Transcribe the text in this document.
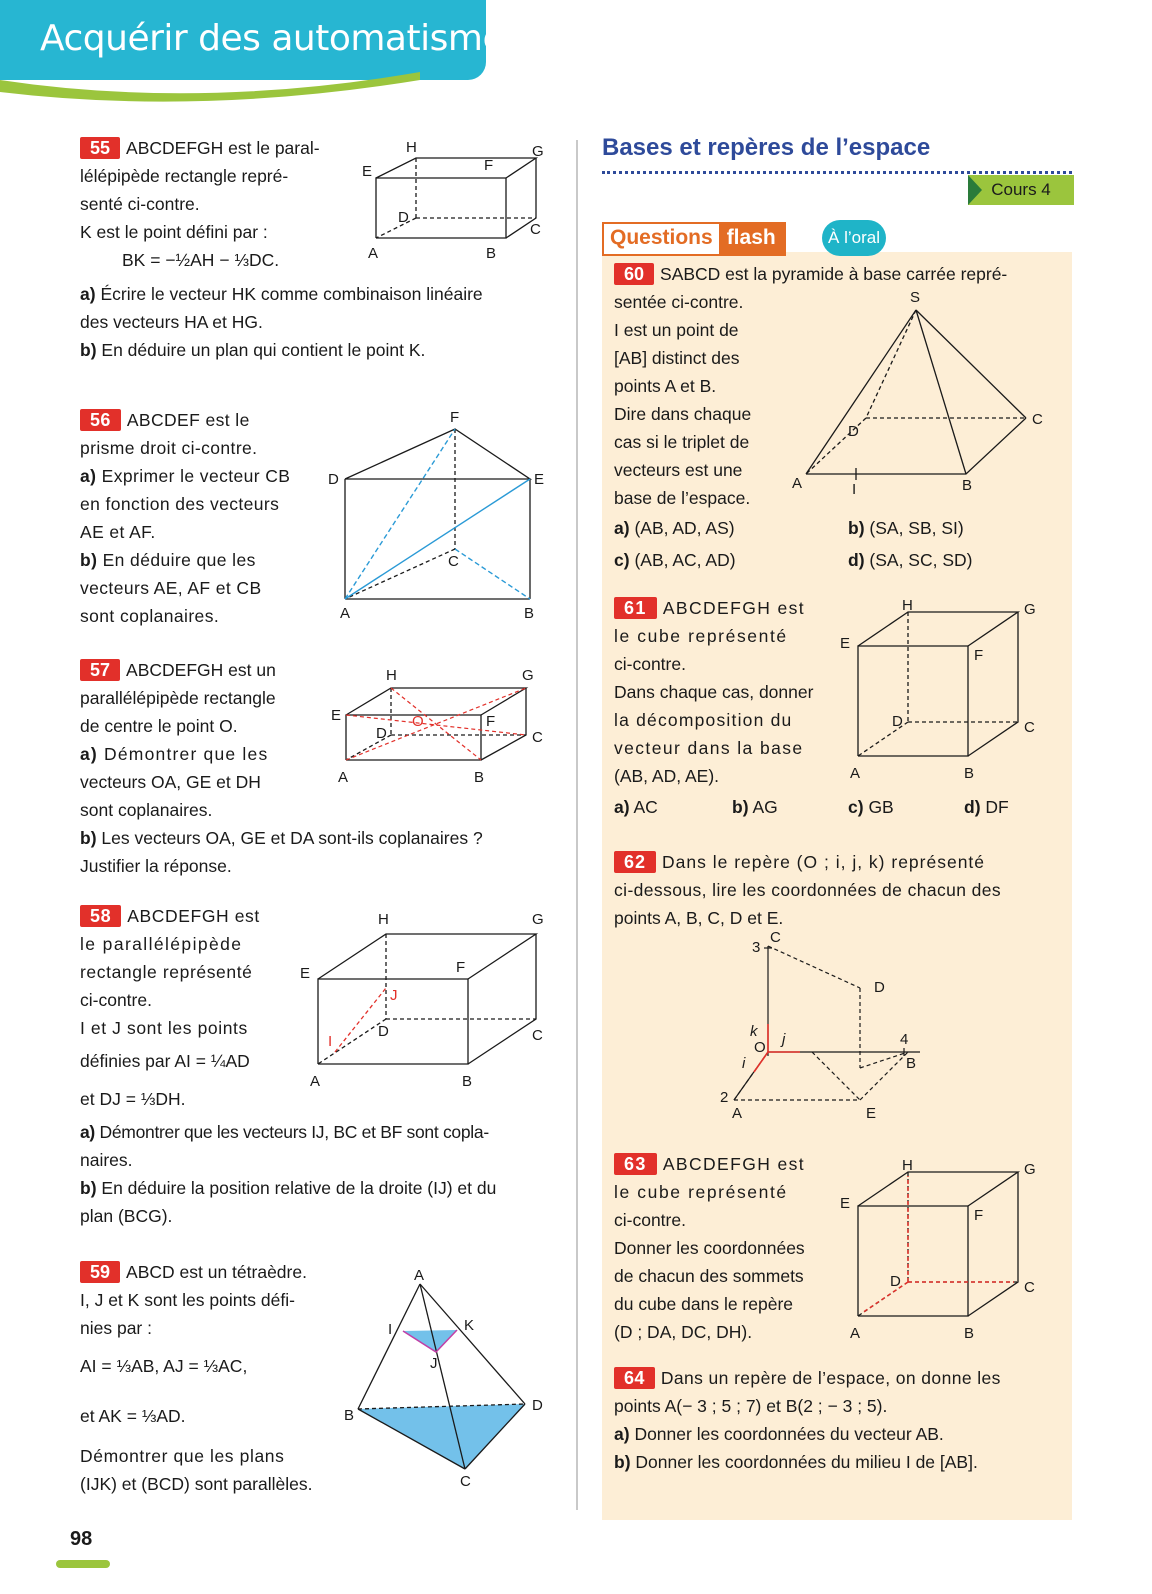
Acquérir des automatismes
55 ABCDEFGH est le paral-
lélépipède rectangle repré-
senté ci-contre.
K est le point défini par :
BK = −½AH − ⅓DC.
a) Écrire le vecteur HK comme combinaison linéaire
des vecteurs HA et HG.
b) En déduire un plan qui contient le point K.
A	B
C
D
E	F
G
H
56 ABCDEF est le
prisme droit ci-contre.
a) Exprimer le vecteur CB
en fonction des vecteurs
AE et AF.
b) En déduire que les
vecteurs AE, AF et CB
sont coplanaires.	A	B
C
D	E
F
57 ABCDEFGH est un
parallélépipède rectangle
de centre le point O.
a) Démontrer que les
vecteurs OA, GE et DH
sont coplanaires.
b) Les vecteurs OA, GE et DA sont-ils coplanaires ?
Justifier la réponse.
A	B
C
D
E	F
G
H
O
58 ABCDEFGH est
le parallélépipède
rectangle représenté
ci-contre.
I et J sont les points
définies par AI = ¼AD
et DJ = ⅓DH.
a) Démontrer que les vecteurs IJ, BC et BF sont copla-
naires.
b) En déduire la position relative de la droite (IJ) et du
plan (BCG).
A	B
C
D
E	F
G
H
I
J
59 ABCD est un tétraèdre.
I, J et K sont les points défi-
nies par :
AI = ⅓AB, AJ = ⅓AC,
et AK = ⅓AD.
Démontrer que les plans
(IJK) et (BCD) sont parallèles.
A
B
C
D
I
J
K
98
Bases et repères de l’espace
Cours 4
Questions flash	À l’oral
60 SABCD est la pyramide à base carrée repré-
sentée ci-contre.
I est un point de
[AB] distinct des
points A et B.
Dire dans chaque
cas si le triplet de
vecteurs est une
base de l’espace.
a) (AB, AD, AS)	b) (SA, SB, SI)
c) (AB, AC, AD)	d) (SA, SC, SD)
S
A	B
C
D
I
61 ABCDEFGH est
le cube représenté
ci-contre.
Dans chaque cas, donner
la décomposition du
vecteur dans la base
(AB, AD, AE).
a) AC	b) AG	c) GB	d) DF
A	B
C
D
E
F
G
H
62 Dans le repère (O ; i, j, k) représenté
ci-dessous, lire les coordonnées de chacun des
points A, B, C, D et E.
C
D
3
4
B
2
A	E
O
i
j
k
63 ABCDEFGH est
le cube représenté
ci-contre.
Donner les coordonnées
de chacun des sommets
du cube dans le repère
(D ; DA, DC, DH).	A	B
C
D
E
F
G
H
64 Dans un repère de l’espace, on donne les
points A(− 3 ; 5 ; 7) et B(2 ; − 3 ; 5).
a) Donner les coordonnées du vecteur AB.
b) Donner les coordonnées du milieu I de [AB].
